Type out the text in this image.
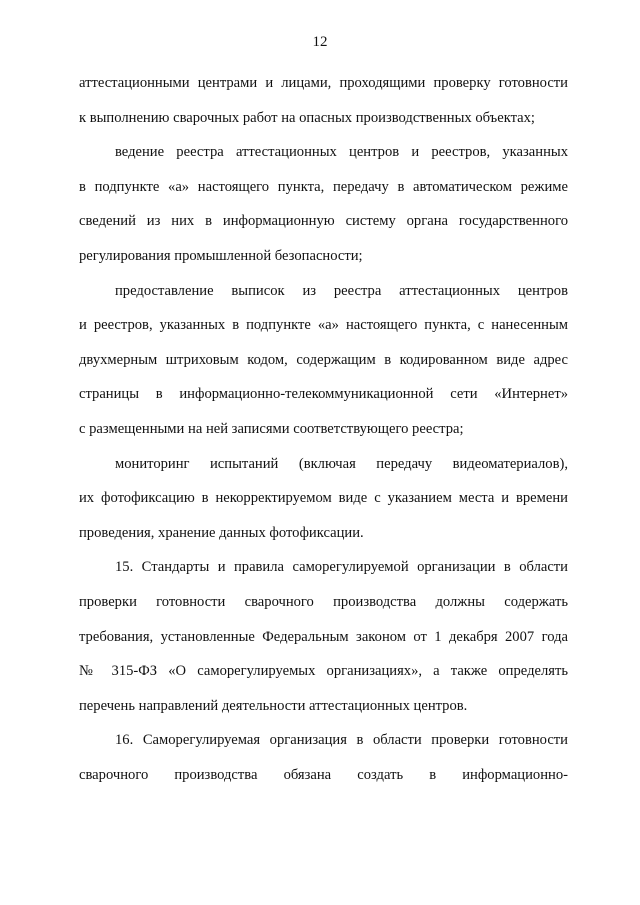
12
аттестационными центрами и лицами, проходящими проверку готовности
к выполнению сварочных работ на опасных производственных объектах;
ведение реестра аттестационных центров и реестров, указанных
в подпункте «а» настоящего пункта, передачу в автоматическом режиме
сведений из них в информационную систему органа государственного
регулирования промышленной безопасности;
предоставление выписок из реестра аттестационных центров
и реестров, указанных в подпункте «а» настоящего пункта, с нанесенным
двухмерным штриховым кодом, содержащим в кодированном виде адрес
страницы в информационно-телекоммуникационной сети «Интернет»
с размещенными на ней записями соответствующего реестра;
мониторинг испытаний (включая передачу видеоматериалов),
их фотофиксацию в некорректируемом виде с указанием места и времени
проведения, хранение данных фотофиксации.
15. Стандарты и правила саморегулируемой организации в области
проверки готовности сварочного производства должны содержать
требования, установленные Федеральным законом от 1 декабря 2007 года
№ 315-ФЗ «О саморегулируемых организациях», а также определять
перечень направлений деятельности аттестационных центров.
16. Саморегулируемая организация в области проверки готовности
сварочного производства обязана создать в информационно-
